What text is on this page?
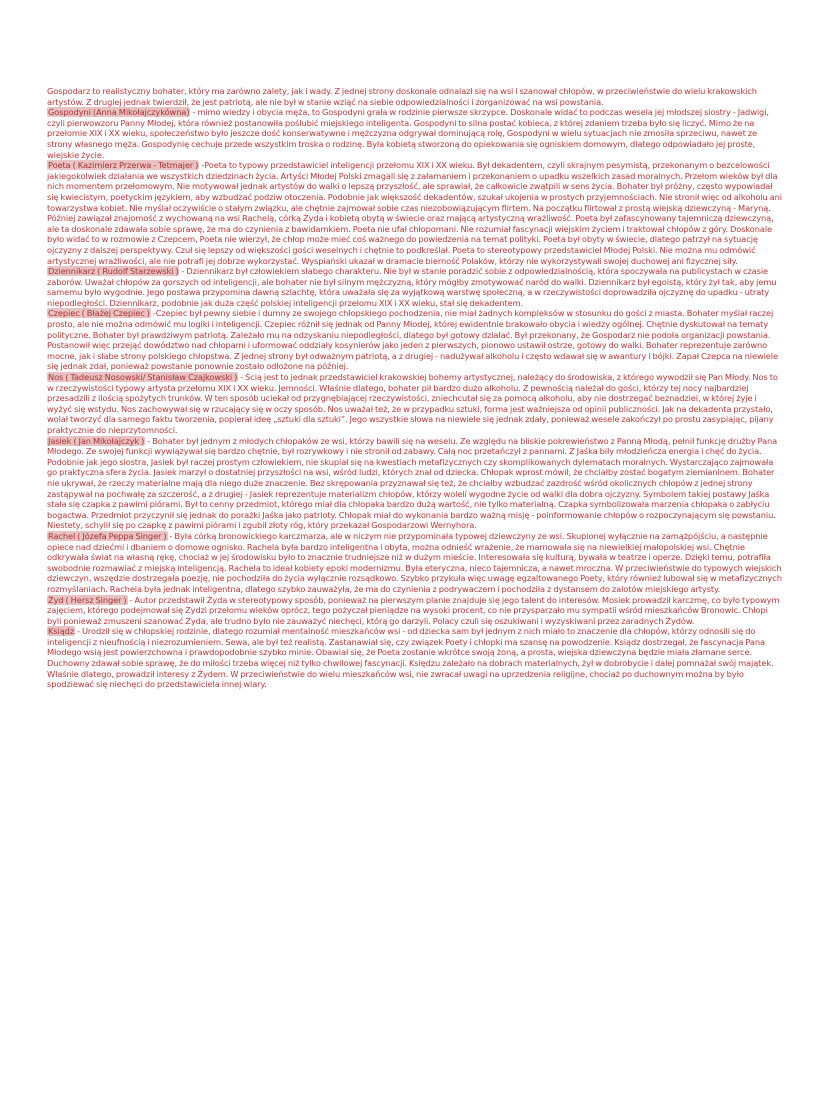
Gospodarz to realistyczny bohater, który ma zarówno zalety, jak i wady. Z jednej strony doskonale odnalazł się na wsi i szanował chłopów, w przeciwieństwie do wielu krakowskich artystów. Z drugiej jednak twierdził, że jest patriotą, ale nie był w stanie wziąć na siebie odpowiedzialności i zorganizować na wsi powstania.

Gospodyni (Anna Mikołajczykówna) - mimo wiedzy i obycia męża, to Gospodyni grała w rodzinie pierwsze skrzypce. Doskonale widać to podczas wesela jej młodszej siostry - Jadwigi, czyli pierwowzoru Panny Młodej, która również postanowiła poślubić miejskiego inteligenta. Gospodyni to silna postać kobieca, z której zdaniem trzeba było się liczyć. Mimo że na przełomie XIX i XX wieku, społeczeństwo było jeszcze dość konserwatywne i mężczyzna odgrywał dominującą rolę, Gospodyni w wielu sytuacjach nie zmosiła sprzeciwu, nawet ze strony własnego męża. Gospodynię cechuje przede wszystkim troska o rodzinę. Była kobietą stworzoną do opiekowania się ogniskiem domowym, dlatego odpowiadało jej proste, wiejskie życie.

Poeta ( Kazimierz Przerwa - Tetmajer ) -Poeta to typowy przedstawiciel inteligencji przełomu XIX i XX wieku. Był dekadentem, czyli skrajnym pesymistą, przekonanym o bezcelowości jakiegokolwiek działania we wszystkich dziedzinach życia. Artyści Młodej Polski zmagali się z załamaniem i przekonaniem o upadku wszelkich zasad moralnych. Przełom wieków był dla nich momentem przełomowym. Nie motywował jednak artystów do walki o lepszą przyszłość, ale sprawiał, że całkowicie zwątpili w sens życia. Bohater był próżny, często wypowiadał się kwiecistym, poetyckim językiem, aby wzbudzać podziw otoczenia. Podobnie jak większość dekadentów, szukał ukojenia w prostych przyjemnościach. Nie stronił więc od alkoholu ani towarzystwa kobiet. Nie myślał oczywiście o stałym związku, ale chętnie zajmował sobie czas niezobowiązującym flirtem. Na początku flirtował z prostą wiejską dziewczyną - Maryną. Później zawiązał znajomość z wychowaną na wsi Rachelą, córką Żyda i kobietą obytą w świecie oraz mającą artystyczną wrażliwość. Poeta był zafascynowany tajemniczą dziewczyną, ale ta doskonale zdawała sobie sprawę, że ma do czynienia z bawidamkiem. Poeta nie ufał chłopomani. Nie rozumiał fascynacji wiejskim życiem i traktował chłopów z góry. Doskonale było widać to w rozmowie z Czepcem, Poeta nie wierzył, że chłop może mieć coś ważnego do powiedzenia na temat polityki. Poeta był obyty w świecie, dlatego patrzył na sytuację ojczyzny z dalszej perspektywy. Czuł się lepszy od większości gości weselnych i chętnie to podkreślał. Poeta to stereotypowy przedstawiciel Młodej Polski. Nie można mu odmówić artystycznej wrażliwości, ale nie potrafi jej dobrze wykorzystać. Wyspiański ukazał w dramacie bierność Polaków, którzy nie wykorzystywali swojej duchowej ani fizycznej siły.

Dziennikarz ( Rudolf Starzewski ) - Dziennikarz był człowiekiem słabego charakteru. Nie był w stanie poradzić sobie z odpowiedzialnością, która spoczywała na publicystach w czasie zaborów. Uważał chłopów za gorszych od inteligencji, ale bohater nie był silnym mężczyzną, który mógłby zmotywować naród do walki. Dziennikarz był egoistą, który żył tak, aby jemu samemu było wygodnie. Jego postawa przypomina dawną szlachtę, która uważała się za wyjątkową warstwę społeczną, a w rzeczywistości doprowadziła ojczyznę do upadku - utraty niepodległości. Dziennikarz, podobnie jak duża część polskiej inteligencji przełomu XIX i XX wieku, stał się dekadentem.

Czepiec ( Błażej Czepiec ) -Czepiec był pewny siebie i dumny ze swojego chłopskiego pochodzenia, nie miał żadnych kompleksów w stosunku do gości z miasta. Bohater myślał raczej prosto, ale nie można odmówić mu logiki i inteligencji. Czepiec różnił się jednak od Panny Młodej, której ewidentnie brakowało obycia i wiedzy ogólnej. Chętnie dyskutował na tematy polityczne. Bohater był prawdziwym patriotą. Zależało mu na odzyskaniu niepodległości, dlatego był gotowy działać. Był przekonany, że Gospodarz nie podoła organizacji powstania. Postanowił więc przejąć dowództwo nad chłopami i uformować oddziały kosynierów jako jeden z pierwszych, pionowo ustawił ostrze, gotowy do walki. Bohater reprezentuje zarówno mocne, jak i słabe strony polskiego chłopstwa. Z jednej strony był odważnym patriotą, a z drugiej - nadużywał alkoholu i często wdawał się w awantury i bójki. Zapał Czepca na niewiele się jednak zdał, ponieważ powstanie ponownie zostało odłożone na później.

Nos ( Tadeusz Nosowski/ Stanisław Czajkowski ) - Ścią jest to jednak przedstawiciel krakowskiej bohemy artystycznej, należący do środowiska, z którego wywodził się Pan Młody. Nos to w rzeczywistości typowy artysta przełomu XIX i XX wieku. Jemności. Właśnie dlatego, bohater pił bardzo dużo alkoholu. Z pewnością należał do gości, którzy tej nocy najbardziej przesadzili z ilością spożytych trunków. W ten sposób uciekał od przygnębiającej rzeczywistości, zniechcutał się za pomocą alkoholu, aby nie dostrzegać beznadziei, w której żyje i wyżyć się wstydu. Nos zachowywał się w rzucający się w oczy sposób. Nos uważał też, że w przypadku sztuki, forma jest ważniejsza od opinii publiczności. Jak na dekadenta przystało, wolał tworzyć dla samego faktu tworzenia, popierał ideę „sztuki dla sztuki”. Jego wszystkie słowa na niewiele się jednak zdały, ponieważ wesele zakończył po prostu zasypiając, pijany praktycznie do nieprzytomności.

Jasiek ( Jan Mikołajczyk ) - Bohater był jednym z młodych chłopaków ze wsi, którzy bawili się na weselu. Ze względu na bliskie pokrewieństwo z Panną Młodą, pełnił funkcję drużby Pana Młodego. Ze swojej funkcji wywiązywał się bardzo chętnie, był rozrywkowy i nie stronił od zabawy. Całą noc przetańczył z pannami. Z Jaśka biły młodzieńcza energia i chęć do życia. Podobnie jak jego siostra, Jasiek był raczej prostym człowiekiem, nie skupiał się na kwestiach metafizycznych czy skomplikowanych dylematach moralnych. Wystarczająco zajmowała go praktyczna sfera życia. Jasiek marzył o dostatniej przyszłości na wsi, wśród ludzi, których znał od dziecka. Chłopak wprost mówił, że chciałby zostać bogatym ziemianinem. Bohater nie ukrywał, że rzeczy materialne mają dla niego duże znaczenie. Bez skrępowania przyznawał się też, że chciałby wzbudzać zazdrość wśród okolicznych chłopów z jednej strony zastąpywał na pochwałę za szczerość, a z drugiej - Jasiek reprezentuje materializm chłopów, którzy wolelí wygodne życie od walki dla dobra ojczyzny. Symbolem takiej postawy Jaśka stała się czapka z pawimi piórami. Był to cenny przedmiot, którego miał dla chłopaka bardzo dużą wartość, nie tylko materialną. Czapka symbolizowała marzenia chłopaka o zabłyciu bogactwa. Przedmiot przyczynił się jednak do porażki Jaśka jako patrioty. Chłopak miał do wykonania bardzo ważną misję - poinformowanie chłopów o rozpoczynającym się powstaniu. Niestety, schylił się po czapkę z pawimi piórami i zgubił złoty róg, który przekazał Gospodarzowi Wernyhora.

Rachel ( Józefa Peppa Singer ) - Była córką bronowickiego karczmarza, ale w niczym nie przypominała typowej dziewczyny ze wsi. Skupionej wyłącznie na zamążpójściu, a następnie opiece nad dziećmi i dbaniem o domowe ognisko. Rachela była bardzo inteligentna i obyta, można odnieść wrażenie, że marnowała się na niewielkiej małopolskiej wsi. Chętnie odkrywała świat na własną rękę, chociaż w jej środowisku było to znacznie trudniejsze niż w dużym mieście. Interesowała się kulturą, bywała w teatrze i operze. Dzięki temu, potrafiła swobodnie rozmawiać z miejską inteligencją. Rachela to ideał kobiety epoki modernizmu. Była eteryczna, nieco tajemnicza, a nawet mroczna. W przeciwieństwie do typowych wiejskich dziewczyn, wszędzie dostrzegała poezję, nie pochodziła do życia wyłącznie rozsądkowo. Szybko przykuła więc uwagę egzaltowanego Poety, który również lubował się w metafizycznych rozmyślaniach. Rachela była jednak inteligentna, dlatego szybko zauważyła, że ma do czynienia z podrywaczem i pochodziła z dystansem do zalotów miejskiego artysty.

Żyd ( Hersz Singer ) - Autor przedstawił Żyda w stereotypowy sposób, ponieważ na pierwszym planie znajduje się jego talent do interesów. Mosiek prowadził karczmę, co było typowym zajęciem, którego podejmował się Żydzi przełomu wieków oprócz, tego pożyczał pieniądze na wysoki procent, co nie przysparzało mu sympatii wśród mieszkańców Bronowic. Chłopi byli ponieważ zmuszeni szanować Żyda, ale trudno było nie zauważyć niechęci, którą go darzyli. Polacy czuli się oszukiwani i wyzyskiwani przez zaradnych Żydów.

Ksiądz - Urodził się w chłopskiej rodzinie, dlatego rozumiał mentalność mieszkańców wsi - od dziecka sam był jednym z nich miało to znaczenie dla chłopów, którzy odnosili się do inteligencji z nieufnością i niezrozumieniem. Sewa, ale był też realistą. Zastanawiał się, czy związek Poety i chłopki ma szansę na powodzenie. Ksiądz dostrzegał, że fascynacja Pana Młodego wsią jest powierzchowna i prawdopodobnie szybko minie. Obawiał się, że Poeta zostanie wkrótce swoją żoną, a prosta, wiejska dziewczyna będzie miała złamane serce. Duchowny zdawał sobie sprawę, że do miłości trzeba więcej niż tylko chwilowej fascynacji. Księdzu zależało na dobrach materialnych, żył w dobrobycie i dalej pomnażał swój majątek. Właśnie dlatego, prowadził interesy z Żydem. W przeciwieństwie do wielu mieszkańców wsi, nie zwracał uwagi na uprzedzenia religijne, chociaż po duchownym można by było spodziewać się niechęci do przedstawiciela innej wiary.
